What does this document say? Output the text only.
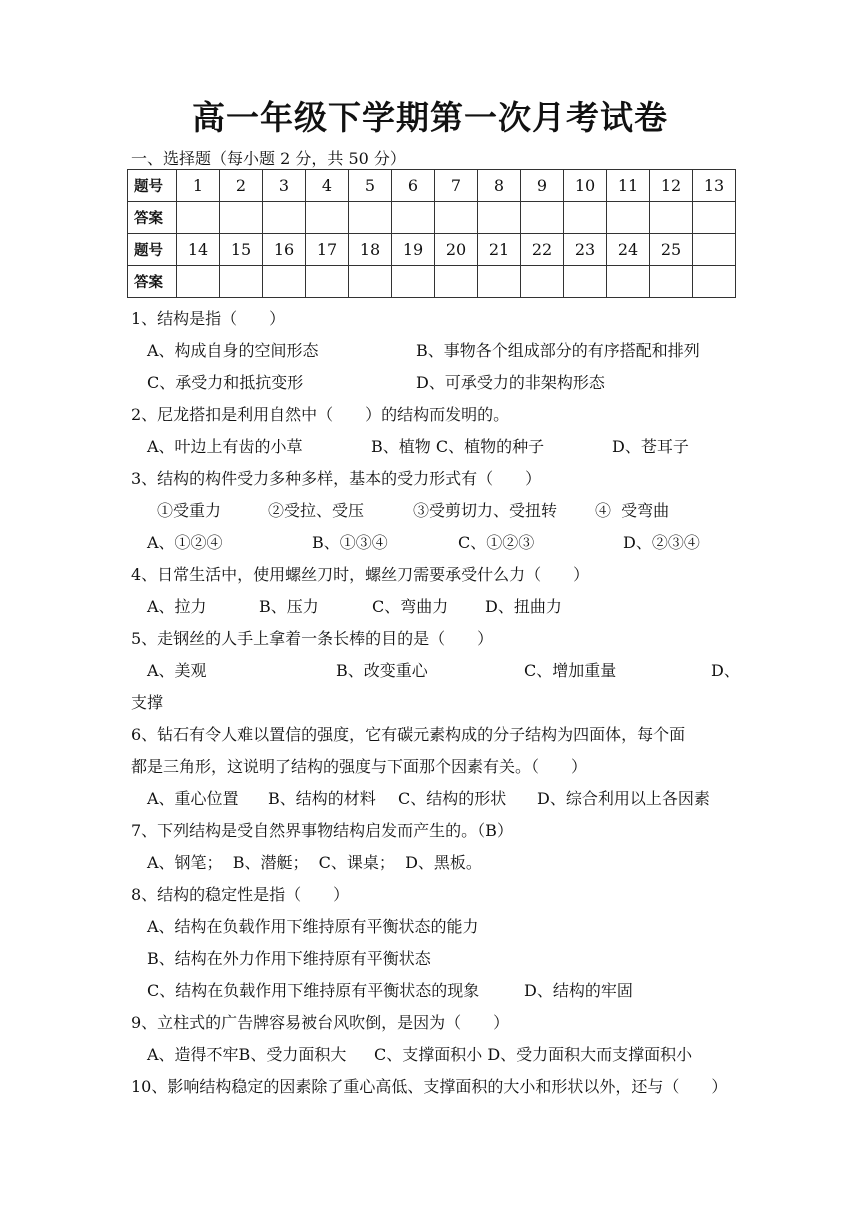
高一年级下学期第一次月考试卷
一、选择题（每小题 2 分，共 50 分）
题号	1	2	3	4	5	6	7	8	9	10	11	12	13
答案													
题号	14	15	16	17	18	19	20	21	22	23	24	25	
答案													
1、结构是指（　　）
A、构成自身的空间形态	B、事物各个组成部分的有序搭配和排列
C、承受力和抵抗变形	D、可承受力的非架构形态
2、尼龙搭扣是利用自然中（　　）的结构而发明的。
A、叶边上有齿的小草	B、植物 C、植物的种子	D、苍耳子
3、结构的构件受力多种多样，基本的受力形式有（　　）
①受重力	②受拉、受压	③受剪切力、受扭转 ④  受弯曲
A、①②④	B、①③④	C、①②③	D、②③④
4、日常生活中，使用螺丝刀时，螺丝刀需要承受什么力（　　）
A、拉力	B、压力	C、弯曲力 D、扭曲力
5、走钢丝的人手上拿着一条长棒的目的是（　　）
A、美观	B、改变重心	C、增加重量	D、
支撑
6、钻石有令人难以置信的强度，它有碳元素构成的分子结构为四面体，每个面
都是三角形，这说明了结构的强度与下面那个因素有关。（　　）
A、重心位置 B、结构的材料 C、结构的形状 D、综合利用以上各因素
7、下列结构是受自然界事物结构启发而产生的。（B）
A、钢笔；  B、潜艇；  C、课桌；  D、黑板。
8、结构的稳定性是指（　　）
A、结构在负载作用下维持原有平衡状态的能力
B、结构在外力作用下维持原有平衡状态
C、结构在负载作用下维持原有平衡状态的现象	D、结构的牢固
9、立柱式的广告牌容易被台风吹倒，是因为（　　）
A、造得不牢B、受力面积大 C、支撑面积小 D、受力面积大而支撑面积小
10、影响结构稳定的因素除了重心高低、支撑面积的大小和形状以外，还与（　　）
